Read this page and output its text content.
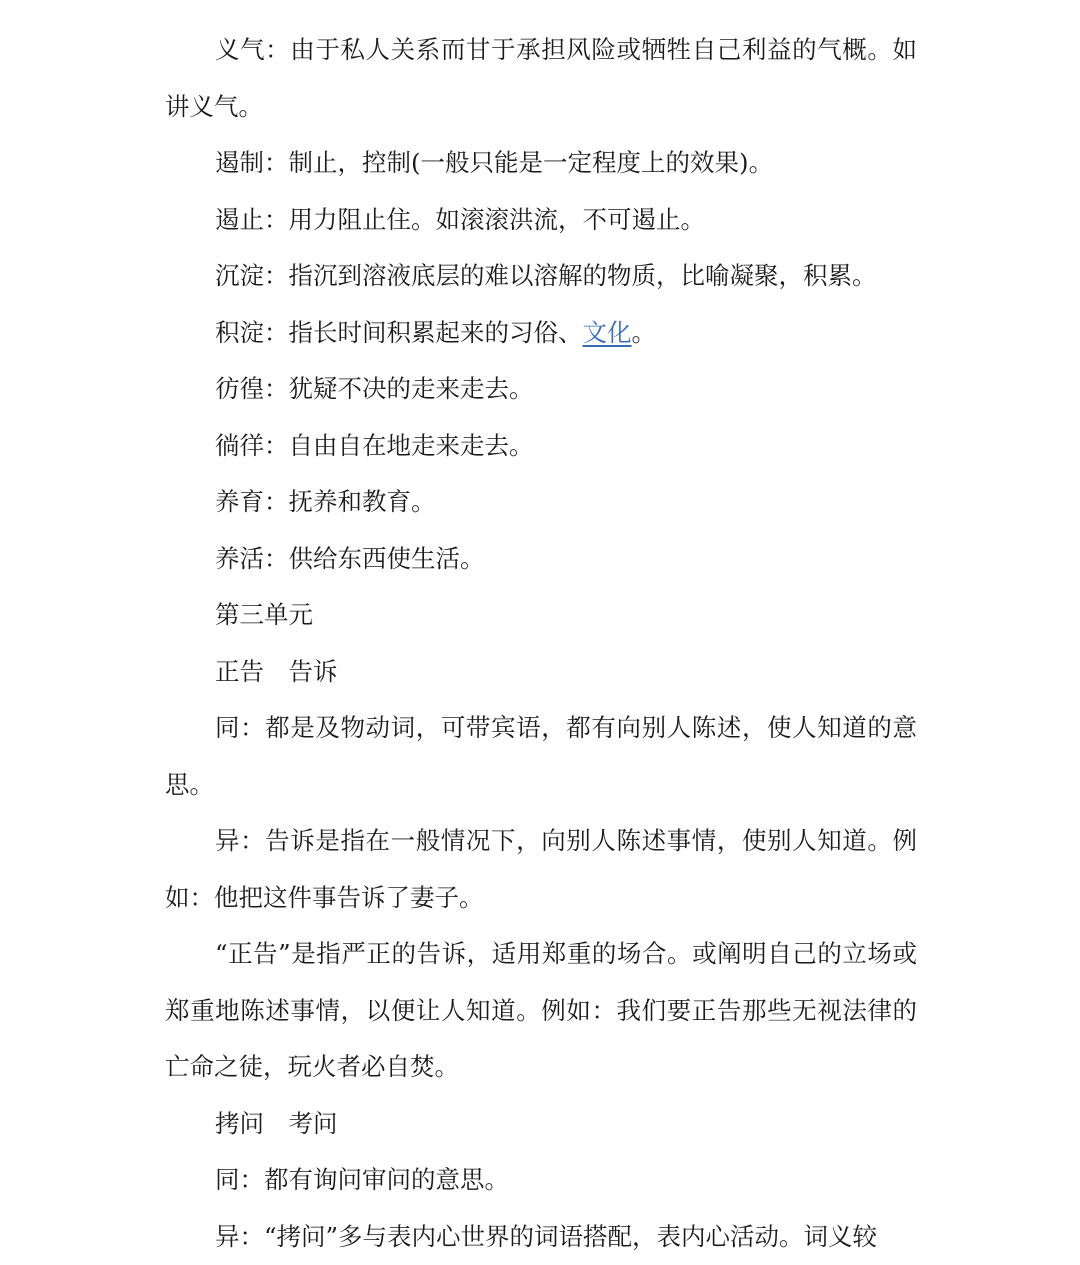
义气：由于私人关系而甘于承担风险或牺牲自己利益的气概。如讲义气。

遏制：制止，控制(一般只能是一定程度上的效果)。

遏止：用力阻止住。如滚滚洪流，不可遏止。

沉淀：指沉到溶液底层的难以溶解的物质，比喻凝聚，积累。

积淀：指长时间积累起来的习俗、文化。

彷徨：犹疑不决的走来走去。

徜徉：自由自在地走来走去。

养育：抚养和教育。

养活：供给东西使生活。

第三单元

正告　告诉

同：都是及物动词，可带宾语，都有向别人陈述，使人知道的意思。

异：告诉是指在一般情况下，向别人陈述事情，使别人知道。例如：他把这件事告诉了妻子。

“正告”是指严正的告诉，适用郑重的场合。或阐明自己的立场或郑重地陈述事情，以便让人知道。例如：我们要正告那些无视法律的亡命之徒，玩火者必自焚。

拷问　考问

同：都有询问审问的意思。

异：“拷问”多与表内心世界的词语搭配，表内心活动。词义较
